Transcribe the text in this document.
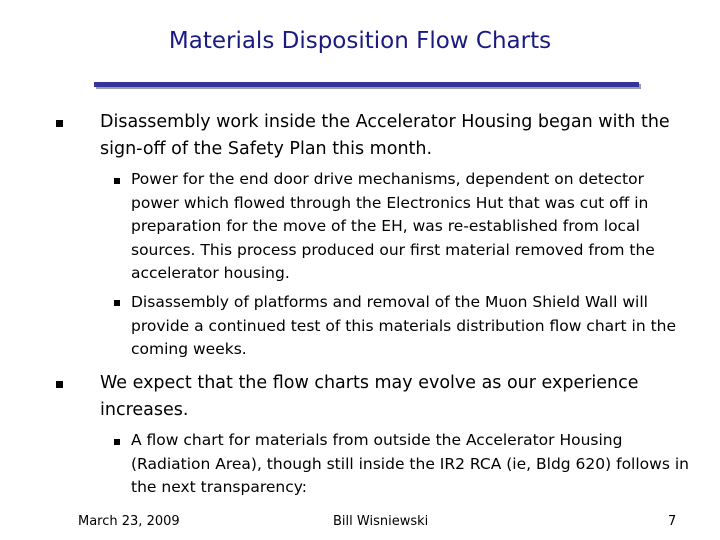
Materials Disposition Flow Charts
Disassembly work inside the Accelerator Housing began with the sign-off of the Safety Plan this month.
Power for the end door drive mechanisms, dependent on detector power which flowed through the Electronics Hut that was cut off in preparation for the move of the EH, was re-established from local sources. This process produced our first material removed from the accelerator housing.
Disassembly of platforms and removal of the Muon Shield Wall will provide a continued test of this materials distribution flow chart in the coming weeks.
We expect that the flow charts may evolve as our experience increases.
A flow chart for materials from outside the Accelerator Housing (Radiation Area), though still inside the IR2 RCA (ie, Bldg 620) follows in the next transparency:
March 23, 2009	Bill Wisniewski	7
